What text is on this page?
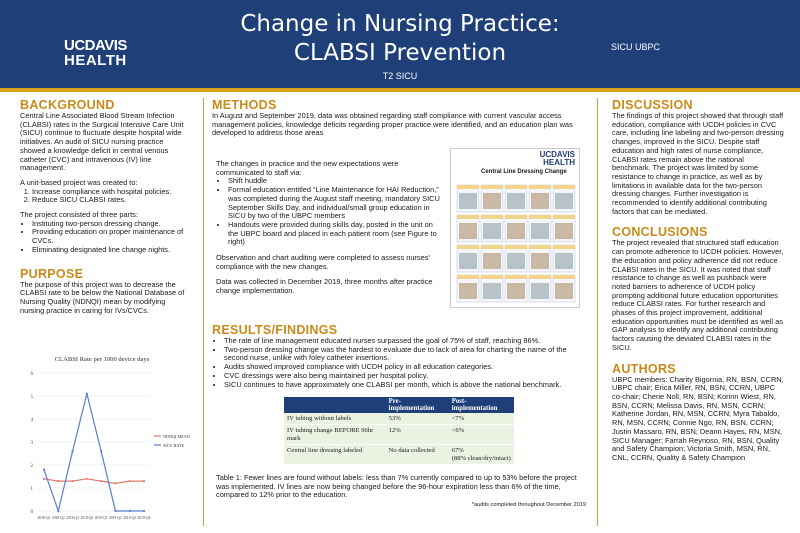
UCDAVIS
HEALTH
Change in Nursing Practice:
CLABSI Prevention
T2 SICU
SICU UBPC
BACKGROUND

Central Line Associated Blood Stream Infection (CLABSI) rates in the Surgical Intensive Care Unit (SICU) continue to fluctuate despite hospital wide initiatives. An audit of SICU nursing practice showed a knowledge deficit in central venous catheter (CVC) and intravenous (IV) line management.

A unit-based project was created to:

1. Increase compliance with hospital policies.
2. Reduce SICU CLABSI rates.

The project consisted of three parts:

• Instituting two-person dressing change.
• Providing education on proper maintenance of CVCs.
• Eliminating designated line change nights.
PURPOSE

The purpose of this project was to decrease the CLABSI rate to be below the National Database of Nursing Quality (NDNQI) mean by modifying nursing practice in caring for IVs/CVCs.

CLABSI Rate per 1000 device days
6
5
4
3
2
1
0
2018-Q1 2018-Q2 2018-Q3 2018-Q4 2019-Q1 2019-Q2 2019-Q3 2019-Q4
NDNQI MEAN
SICU RATE
METHODS

In August and September 2019, data was obtained regarding staff compliance with current vascular access management policies, knowledge deficits regarding proper practice were identified, and an education plan was developed to address those areas

The changes in practice and the new expectations were communicated to staff via:

• Shift huddle
• Formal education entitled “Line Maintenance for HAI Reduction,” was completed during the August staff meeting, mandatory SICU September Skills Day, and individual/small group education in SICU by two of the UBPC members
• Handouts were provided during skills day, posted in the unit on the UBPC board and placed in each patient room (see Figure to right)

Observation and chart auditing were completed to assess nurses’ compliance with the new changes.

Data was collected in December 2019, three months after practice change implementation.

UCDAVIS
HEALTH
Central Line Dressing Change
RESULTS/FINDINGS
• The rate of line management educated nurses surpassed the goal of 75% of staff, reaching 86%.
• Two-person dressing change was the hardest to evaluate due to lack of area for charting the name of the second nurse, unlike with foley catheter insertions.
• Audits showed improved compliance with UCDH policy in all education categories.
• CVC dressings were also being maintained per hospital policy.
• SICU continues to have approximately one CLABSI per month, which is above the national benchmark.
	Pre-implementation	Post-implementation
IV tubing without labels	53%	<7%
IV tubing change BEFORE 96hr mark	12%	<6%
Central line dressing labeled	No data collected	67%
(88% clean/dry/intact)

Table 1: Fewer lines are found without labels: less than 7% currently compared to up to 53% before the project was implemented. IV lines are now being changed before the 96-hour expiration less than 6% of the time, compared to 12% prior to the education.

*audits completed throughout December 2019

DISCUSSION

The findings of this project showed that through staff education, compliance with UCDH policies in CVC care, including line labeling and two-person dressing changes, improved in the SICU. Despite staff education and high rates of nurse compliance, CLABSI rates remain above the national benchmark. The project was limited by some resistance to change in practice, as well as by limitations in available data for the two-person dressing changes. Further investigation is recommended to identify additional contributing factors that can be mediated.

CONCLUSIONS

The project revealed that structured staff education can promote adherence to UCDH policies. However, the education and policy adherence did not reduce CLABSI rates in the SICU. It was noted that staff resistance to change as well as pushback were noted barriers to adherence of UCDH policy prompting additional future education opportunities reduce CLABSI rates. For further research and phases of this project improvement, additional education opportunities must be identified as well as GAP analysis to identify any additional contributing factors causing the deviated CLABSI rates in the SICU.

AUTHORS

UBPC members: Charity Bigornia, RN, BSN, CCRN, UBPC chair; Erica Miller, RN, BSN, CCRN, UBPC co-chair; Cherie Noll, RN, BSN; Korinn Wiest, RN, BSN, CCRN; Melissa Davis, RN, MSN, CCRN; Katherine Jordan, RN, MSN, CCRN; Myra Tabaldo, RN, MSN, CCRN; Connie Ngo, RN, BSN, CCRN; Justin Massaro, RN, BSN; Deann Hayes, RN, MSN, SICU Manager; Farrah Reynoso, RN, BSN, Quality and Safety Champion; Victoria Smith, MSN, RN, CNL, CCRN, Quality & Safety Champion
